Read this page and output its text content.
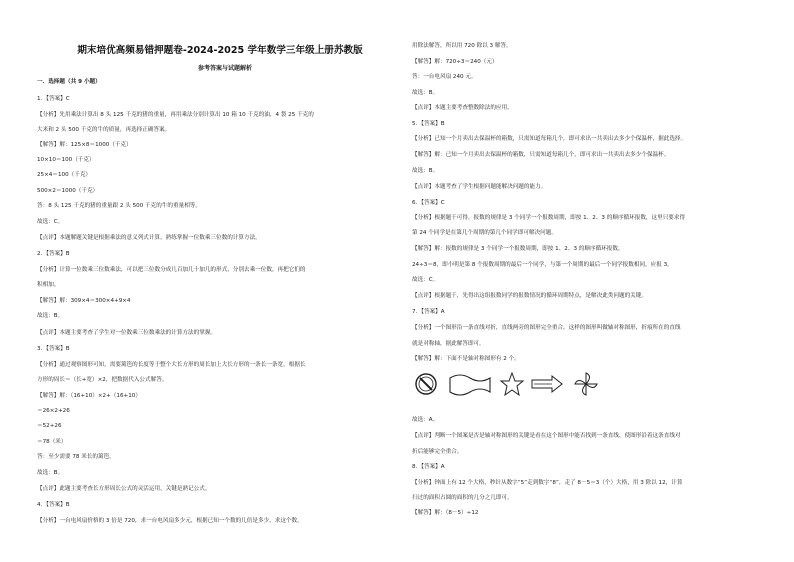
期末培优高频易错押题卷-2024-2025 学年数学三年级上册苏教版
参考答案与试题解析
一．选择题（共 9 小题）
1．【答案】C
【分析】先用乘法计算出 8 头 125 千克的猪的重量，再用乘法分别计算出 10 箱 10 千克的油，4 袋 25 千克的
大米和 2 头 500 千克的牛的质量，再选择正确答案。
【解答】解：125×8＝1000（千克）
10×10＝100（千克）
25×4＝100（千克）
500×2＝1000（千克）
答：8 头 125 千克的猪的重量跟 2 头 500 千克的牛的重量相等。
故选：C。
【点评】本题解题关键是根据乘法的意义列式计算，熟练掌握一位数乘三位数的计算方法。
2．【答案】B
【分析】计算一位数乘三位数乘法，可以把三位数分成几百加几十加几的形式，分别去乘一位数，再把它们的
积相加。
【解答】解：309×4＝300×4+9×4
故选：B。
【点评】本题主要考查了学生对一位数乘三位数乘法的计算方法的掌握。
3．【答案】B
【分析】通过观察图形可知，需要篱笆的长度等于整个大长方形的周长加上大长方形的一条长一条宽，根据长
方形的周长＝（长+宽）×2，把数据代入公式解答。
【解答】解：（16+10）×2+（16+10）
＝26×2+26
＝52+26
＝78（米）
答：至少需要 78 米长的篱笆。
故选：B。
【点评】此题主要考查长方形周长公式的灵活运用，关键是熟记公式。
4．【答案】B
【分析】一台电风扇价格的 3 倍是 720，求一台电风扇多少元，根据已知一个数的几倍是多少，求这个数，
用除法解答，所以用 720 除以 3 解答。
【解答】解：720÷3＝240（元）
答：一台电风扇 240 元。
故选：B。
【点评】本题主要考查整数除法的应用。
5．【答案】B
【分析】已知一个月卖出去保温杯的箱数，只需知道每箱几个，即可求出一共卖出去多少个保温杯，据此选择。
【解答】解：已知一个月卖出去保温杯的箱数，只需知道每箱几个，即可求出一共卖出去多少个保温杯。
故选：B。
【点评】本题考查了学生根据问题能解决问题的能力。
6．【答案】C
【分析】根据题干可得，报数的规律是 3 个同学一个报数周期，即按 1、2、3 的顺序循环报数，这里只要求得
第 24 个同学是在第几个周期的第几个同学即可解决问题。
【解答】解：报数的规律是 3 个同学一个报数周期，即按 1、2、3 的顺序循环报数，
24÷3＝8，即小明是第 8 个报数周期的最后一个同学，与第一个周期的最后一个同学报数相同，应报 3。
故选：C。
【点评】根据题干，先得出这组报数同学的报数情况的循环周期特点，是解决此类问题的关键。
7．【答案】A
【分析】一个图形沿一条直线对折，直线两旁的图形完全重合，这样的图形叫做轴对称图形，折痕所在的直线
就是对称轴，据此解答即可。
【解答】解：下面不是轴对称图形有 2 个。
故选：A。
【点评】判断一个图案是否是轴对称图形的关键是看在这个图形中能否找到一条直线，使图形沿着这条直线对
折后能够完全重合。
8．【答案】A
【分析】钟面上有 12 个大格，秒针从数字“5”走到数字“8”，走了 8－5＝3（个）大格，用 3 除以 12，计算
扫过的面积占圆的面积的几分之几即可。
【解答】解：（8－5）÷12
